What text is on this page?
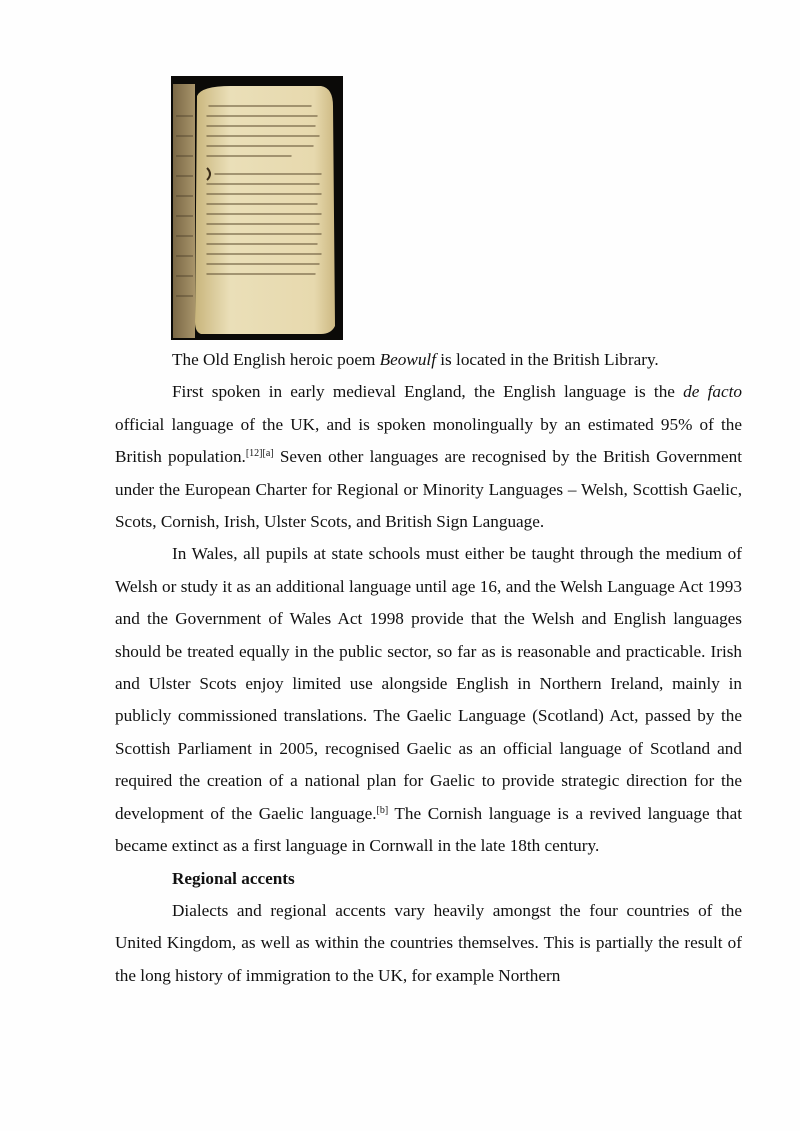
The Old English heroic poem Beowulf is located in the British Library.

First spoken in early medieval England, the English language is the de facto official language of the UK, and is spoken monolingually by an estimated 95% of the British population.[12][a] Seven other languages are recognised by the British Government under the European Charter for Regional or Minority Languages – Welsh, Scottish Gaelic, Scots, Cornish, Irish, Ulster Scots, and British Sign Language.

In Wales, all pupils at state schools must either be taught through the medium of Welsh or study it as an additional language until age 16, and the Welsh Language Act 1993 and the Government of Wales Act 1998 provide that the Welsh and English languages should be treated equally in the public sector, so far as is reasonable and practicable. Irish and Ulster Scots enjoy limited use alongside English in Northern Ireland, mainly in publicly commissioned translations. The Gaelic Language (Scotland) Act, passed by the Scottish Parliament in 2005, recognised Gaelic as an official language of Scotland and required the creation of a national plan for Gaelic to provide strategic direction for the development of the Gaelic language.[b] The Cornish language is a revived language that became extinct as a first language in Cornwall in the late 18th century.

Regional accents

Dialects and regional accents vary heavily amongst the four countries of the United Kingdom, as well as within the countries themselves. This is partially the result of the long history of immigration to the UK, for example Northern
